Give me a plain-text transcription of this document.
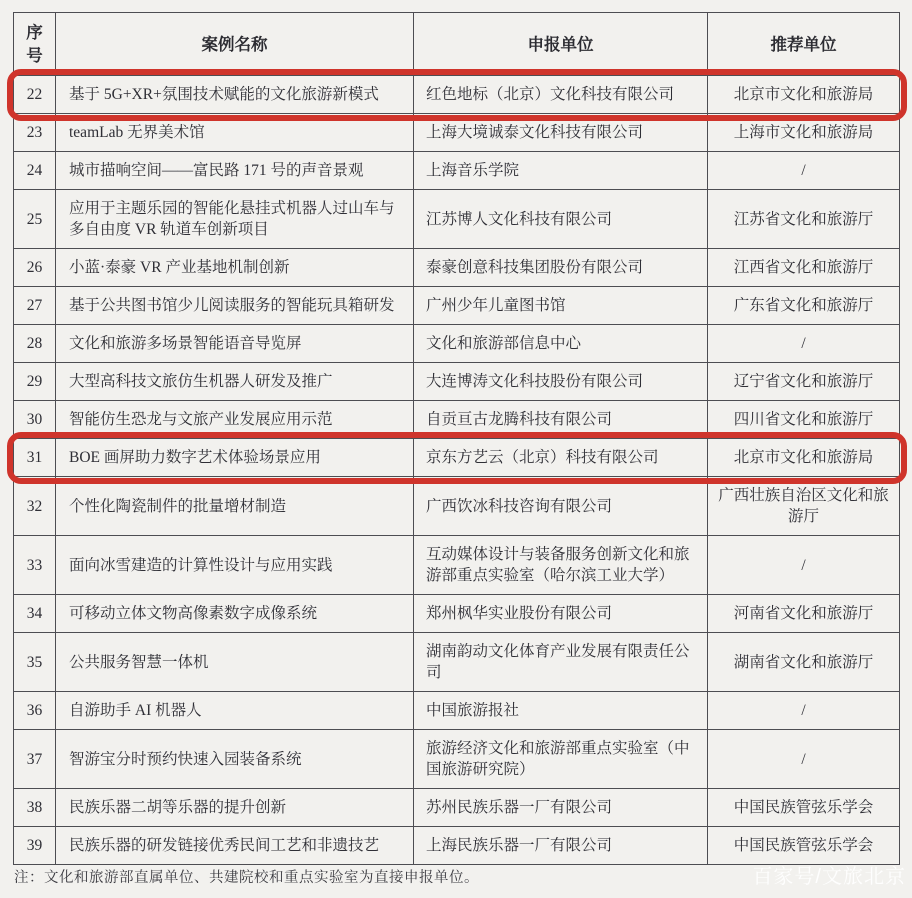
序号	案例名称	申报单位	推荐单位
22	基于 5G+XR+氛围技术赋能的文化旅游新模式	红色地标（北京）文化科技有限公司	北京市文化和旅游局
23	teamLab 无界美术馆	上海大境诚泰文化科技有限公司	上海市文化和旅游局
24	城市描响空间——富民路 171 号的声音景观	上海音乐学院	/
25	应用于主题乐园的智能化悬挂式机器人过山车与多自由度 VR 轨道车创新项目	江苏博人文化科技有限公司	江苏省文化和旅游厅
26	小蓝·泰豪 VR 产业基地机制创新	泰豪创意科技集团股份有限公司	江西省文化和旅游厅
27	基于公共图书馆少儿阅读服务的智能玩具箱研发	广州少年儿童图书馆	广东省文化和旅游厅
28	文化和旅游多场景智能语音导览屏	文化和旅游部信息中心	/
29	大型高科技文旅仿生机器人研发及推广	大连博涛文化科技股份有限公司	辽宁省文化和旅游厅
30	智能仿生恐龙与文旅产业发展应用示范	自贡亘古龙腾科技有限公司	四川省文化和旅游厅
31	BOE 画屏助力数字艺术体验场景应用	京东方艺云（北京）科技有限公司	北京市文化和旅游局
32	个性化陶瓷制件的批量增材制造	广西饮冰科技咨询有限公司	广西壮族自治区文化和旅游厅
33	面向冰雪建造的计算性设计与应用实践	互动媒体设计与装备服务创新文化和旅游部重点实验室（哈尔滨工业大学）	/
34	可移动立体文物高像素数字成像系统	郑州枫华实业股份有限公司	河南省文化和旅游厅
35	公共服务智慧一体机	湖南韵动文化体育产业发展有限责任公司	湖南省文化和旅游厅
36	自游助手 AI 机器人	中国旅游报社	/
37	智游宝分时预约快速入园装备系统	旅游经济文化和旅游部重点实验室（中国旅游研究院）	/
38	民族乐器二胡等乐器的提升创新	苏州民族乐器一厂有限公司	中国民族管弦乐学会
39	民族乐器的研发链接优秀民间工艺和非遗技艺	上海民族乐器一厂有限公司	中国民族管弦乐学会
注：文化和旅游部直属单位、共建院校和重点实验室为直接申报单位。	百家号/文旅北京
